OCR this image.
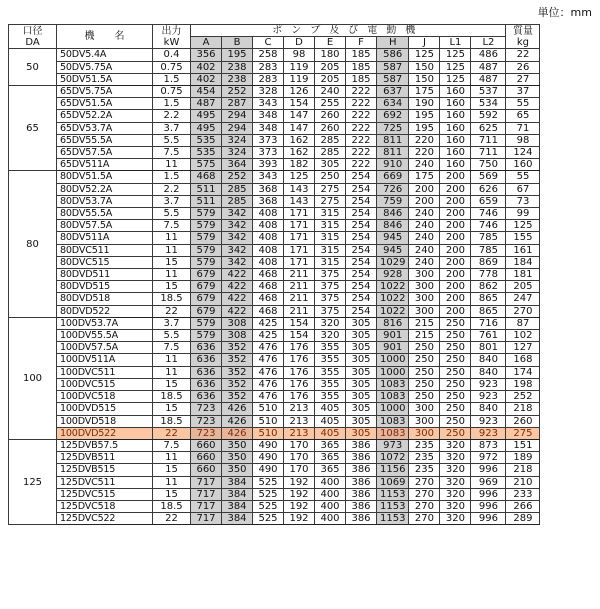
単位：mm
口径
DA	機　　名	出力
kW	ポンプ及び電動機										質量
kg
			A	B	C	D	E	F	H	J	L1	L2	
50	50DV5.4A	0.4	356	195	258	98	180	185	586	125	125	486	22
	50DV5.75A	0.75	402	238	283	119	205	185	587	150	125	487	26
	50DV51.5A	1.5	402	238	283	119	205	185	587	150	125	487	27
65	65DV5.75A	0.75	454	252	328	126	240	222	637	175	160	537	37
	65DV51.5A	1.5	487	287	343	154	255	222	634	190	160	534	55
	65DV52.2A	2.2	495	294	348	147	260	222	692	195	160	592	65
	65DV53.7A	3.7	495	294	348	147	260	222	725	195	160	625	71
	65DV55.5A	5.5	535	324	373	162	285	222	811	220	160	711	98
	65DV57.5A	7.5	535	324	373	162	285	222	811	220	160	711	124
	65DV511A	11	575	364	393	182	305	222	910	240	160	750	160
80	80DV51.5A	1.5	468	252	343	125	250	254	669	175	200	569	55
	80DV52.2A	2.2	511	285	368	143	275	254	726	200	200	626	67
	80DV53.7A	3.7	511	285	368	143	275	254	759	200	200	659	73
	80DV55.5A	5.5	579	342	408	171	315	254	846	240	200	746	99
	80DV57.5A	7.5	579	342	408	171	315	254	846	240	200	746	125
	80DV511A	11	579	342	408	171	315	254	945	240	200	785	155
	80DVC511	11	579	342	408	171	315	254	945	240	200	785	161
	80DVC515	15	579	342	408	171	315	254	1029	240	200	869	184
	80DVD511	11	679	422	468	211	375	254	928	300	200	778	181
	80DVD515	15	679	422	468	211	375	254	1022	300	200	862	205
	80DVD518	18.5	679	422	468	211	375	254	1022	300	200	865	247
	80DVD522	22	679	422	468	211	375	254	1022	300	200	865	270
100	100DV53.7A	3.7	579	308	425	154	320	305	816	215	250	716	87
	100DV55.5A	5.5	579	308	425	154	320	305	901	215	250	761	102
	100DV57.5A	7.5	636	352	476	176	355	305	901	250	250	801	127
	100DV511A	11	636	352	476	176	355	305	1000	250	250	840	168
	100DVC511	11	636	352	476	176	355	305	1000	250	250	840	174
	100DVC515	15	636	352	476	176	355	305	1083	250	250	923	198
	100DVC518	18.5	636	352	476	176	355	305	1083	250	250	923	252
	100DVD515	15	723	426	510	213	405	305	1000	300	250	840	218
	100DVD518	18.5	723	426	510	213	405	305	1083	300	250	923	260
	100DVD522	22	723	426	510	213	405	305	1083	300	250	923	275
125	125DVB57.5	7.5	660	350	490	170	365	386	973	235	320	873	151
	125DVB511	11	660	350	490	170	365	386	1072	235	320	972	189
	125DVB515	15	660	350	490	170	365	386	1156	235	320	996	218
	125DVC511	11	717	384	525	192	400	386	1069	270	320	969	210
	125DVC515	15	717	384	525	192	400	386	1153	270	320	996	233
	125DVC518	18.5	717	384	525	192	400	386	1153	270	320	996	266
	125DVC522	22	717	384	525	192	400	386	1153	270	320	996	289
